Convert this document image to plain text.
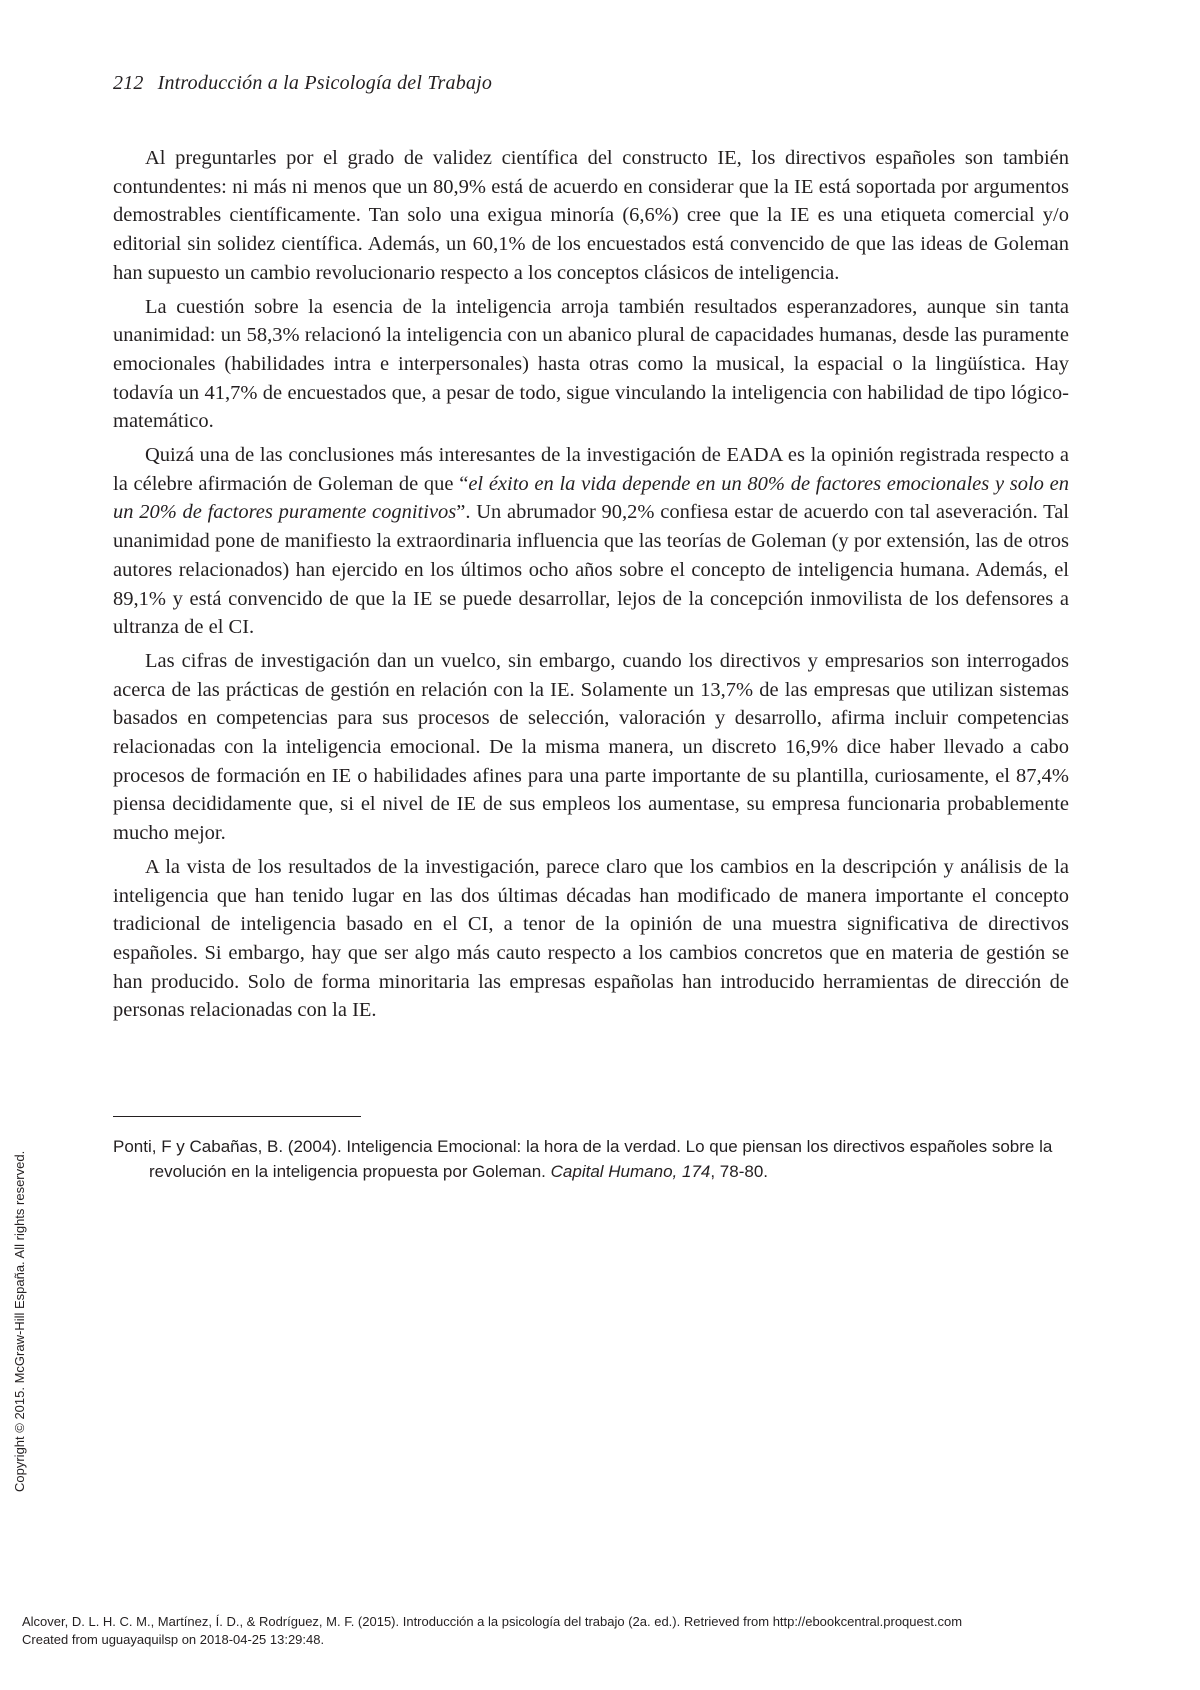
212 Introducción a la Psicología del Trabajo

Al preguntarles por el grado de validez científica del constructo IE, los directivos españoles son también contundentes: ni más ni menos que un 80,9% está de acuerdo en considerar que la IE está soportada por argumentos demostrables científicamente. Tan solo una exigua minoría (6,6%) cree que la IE es una etiqueta comercial y/o editorial sin solidez científica. Además, un 60,1% de los encuestados está convencido de que las ideas de Goleman han supuesto un cambio revolucionario respecto a los conceptos clásicos de inteligencia.

La cuestión sobre la esencia de la inteligencia arroja también resultados esperanzadores, aunque sin tanta unanimidad: un 58,3% relacionó la inteligencia con un abanico plural de capacidades humanas, desde las puramente emocionales (habilidades intra e interpersonales) hasta otras como la musical, la espacial o la lingüística. Hay todavía un 41,7% de encuestados que, a pesar de todo, sigue vinculando la inteligencia con habilidad de tipo lógico-matemático.

Quizá una de las conclusiones más interesantes de la investigación de EADA es la opinión registrada respecto a la célebre afirmación de Goleman de que “el éxito en la vida depende en un 80% de factores emocionales y solo en un 20% de factores puramente cognitivos”. Un abrumador 90,2% confiesa estar de acuerdo con tal aseveración. Tal unanimidad pone de manifiesto la extraordinaria influencia que las teorías de Goleman (y por extensión, las de otros autores relacionados) han ejercido en los últimos ocho años sobre el concepto de inteligencia humana. Además, el 89,1% y está convencido de que la IE se puede desarrollar, lejos de la concepción inmovilista de los defensores a ultranza de el CI.

Las cifras de investigación dan un vuelco, sin embargo, cuando los directivos y empresarios son interrogados acerca de las prácticas de gestión en relación con la IE. Solamente un 13,7% de las empresas que utilizan sistemas basados en competencias para sus procesos de selección, valoración y desarrollo, afirma incluir competencias relacionadas con la inteligencia emocional. De la misma manera, un discreto 16,9% dice haber llevado a cabo procesos de formación en IE o habilidades afines para una parte importante de su plantilla, curiosamente, el 87,4% piensa decididamente que, si el nivel de IE de sus empleos los aumentase, su empresa funcionaria probablemente mucho mejor.

A la vista de los resultados de la investigación, parece claro que los cambios en la descripción y análisis de la inteligencia que han tenido lugar en las dos últimas décadas han modificado de manera importante el concepto tradicional de inteligencia basado en el CI, a tenor de la opinión de una muestra significativa de directivos españoles. Si embargo, hay que ser algo más cauto respecto a los cambios concretos que en materia de gestión se han producido. Solo de forma minoritaria las empresas españolas han introducido herramientas de dirección de personas relacionadas con la IE.

Ponti, F y Cabañas, B. (2004). Inteligencia Emocional: la hora de la verdad. Lo que piensan los directivos españoles sobre la revolución en la inteligencia propuesta por Goleman. Capital Humano, 174, 78-80.
Copyright © 2015. McGraw-Hill España. All rights reserved.
Alcover, D. L. H. C. M., Martínez, Í. D., & Rodríguez, M. F. (2015). Introducción a la psicología del trabajo (2a. ed.). Retrieved from http://ebookcentral.proquest.com
Created from uguayaquilsp on 2018-04-25 13:29:48.
